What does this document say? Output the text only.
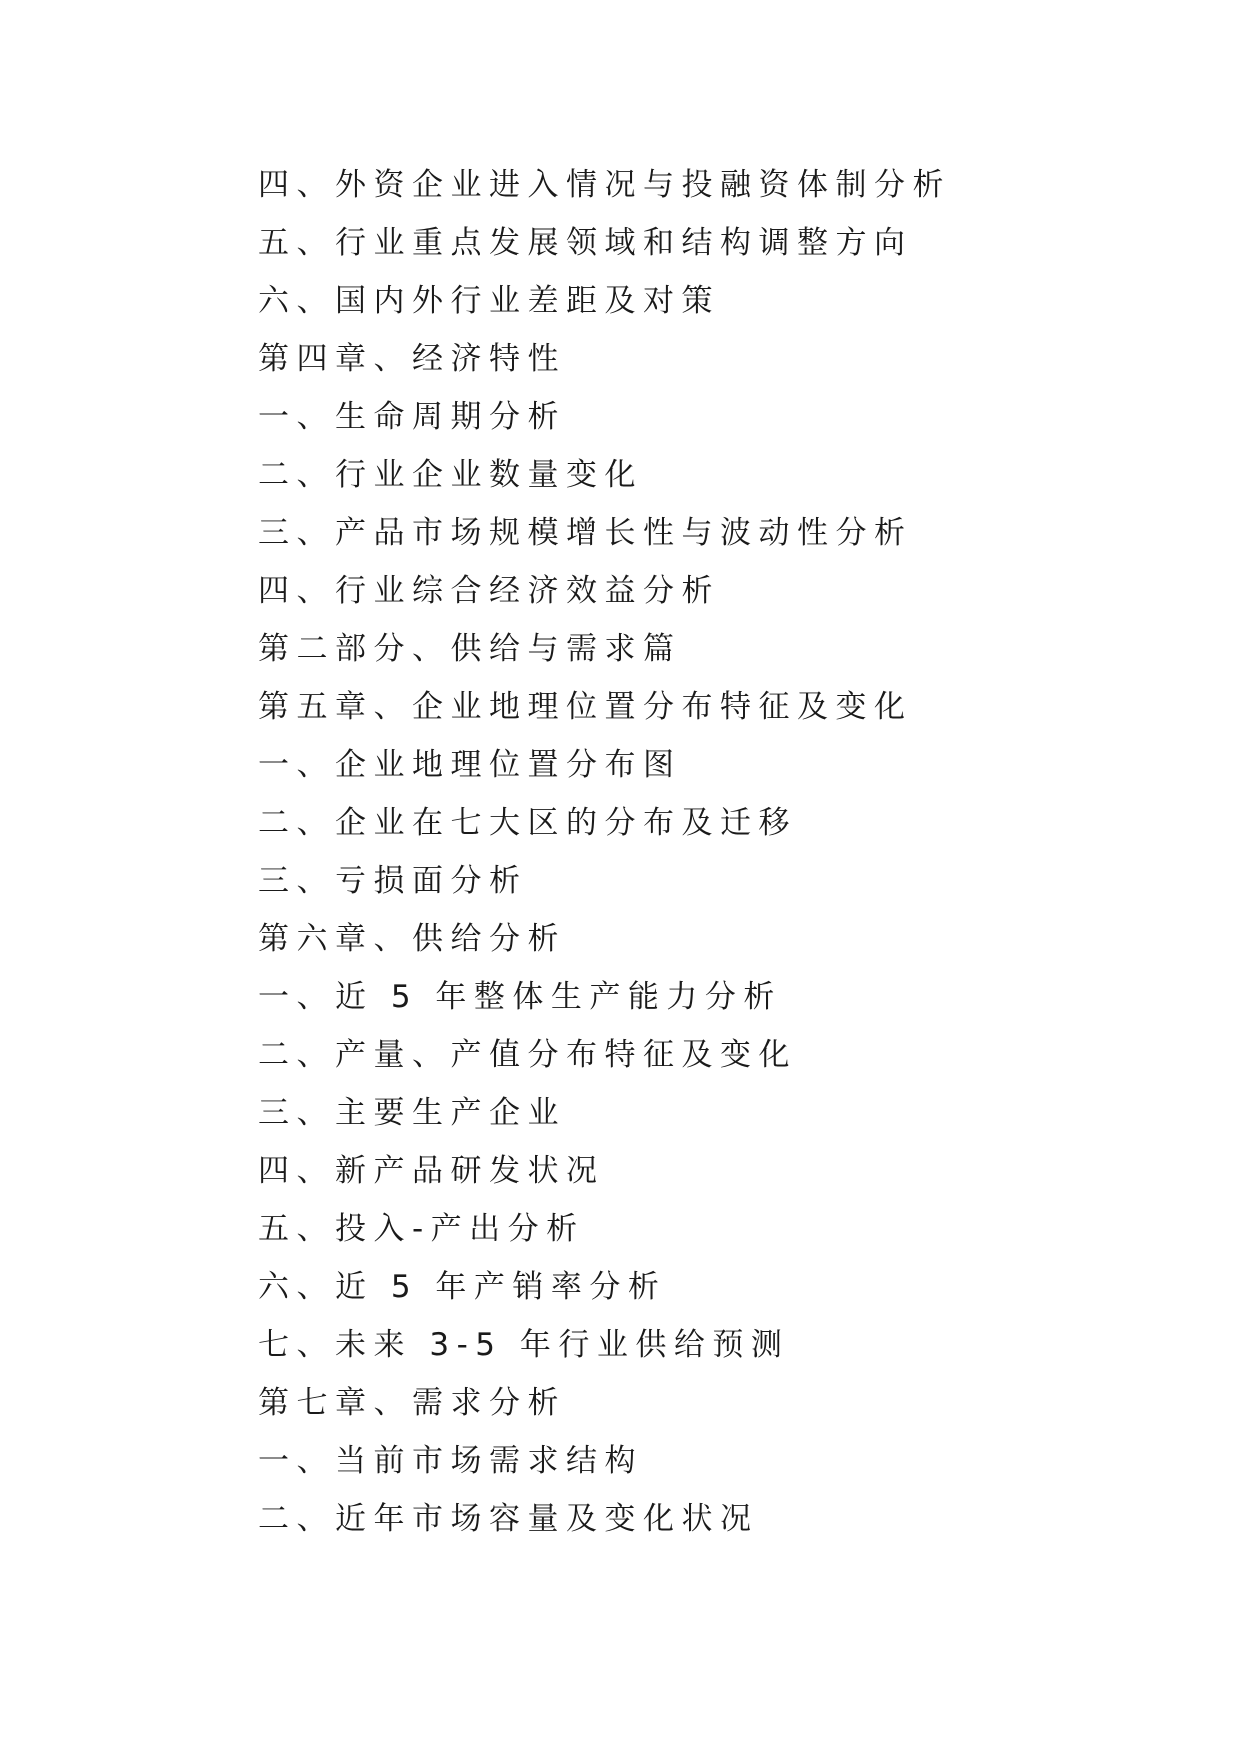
四、外资企业进入情况与投融资体制分析
五、行业重点发展领域和结构调整方向
六、国内外行业差距及对策
第四章、经济特性
一、生命周期分析
二、行业企业数量变化
三、产品市场规模增长性与波动性分析
四、行业综合经济效益分析
第二部分、供给与需求篇
第五章、企业地理位置分布特征及变化
一、企业地理位置分布图
二、企业在七大区的分布及迁移
三、亏损面分析
第六章、供给分析
一、近 5 年整体生产能力分析
二、产量、产值分布特征及变化
三、主要生产企业
四、新产品研发状况
五、投入-产出分析
六、近 5 年产销率分析
七、未来 3-5 年行业供给预测
第七章、需求分析
一、当前市场需求结构
二、近年市场容量及变化状况
